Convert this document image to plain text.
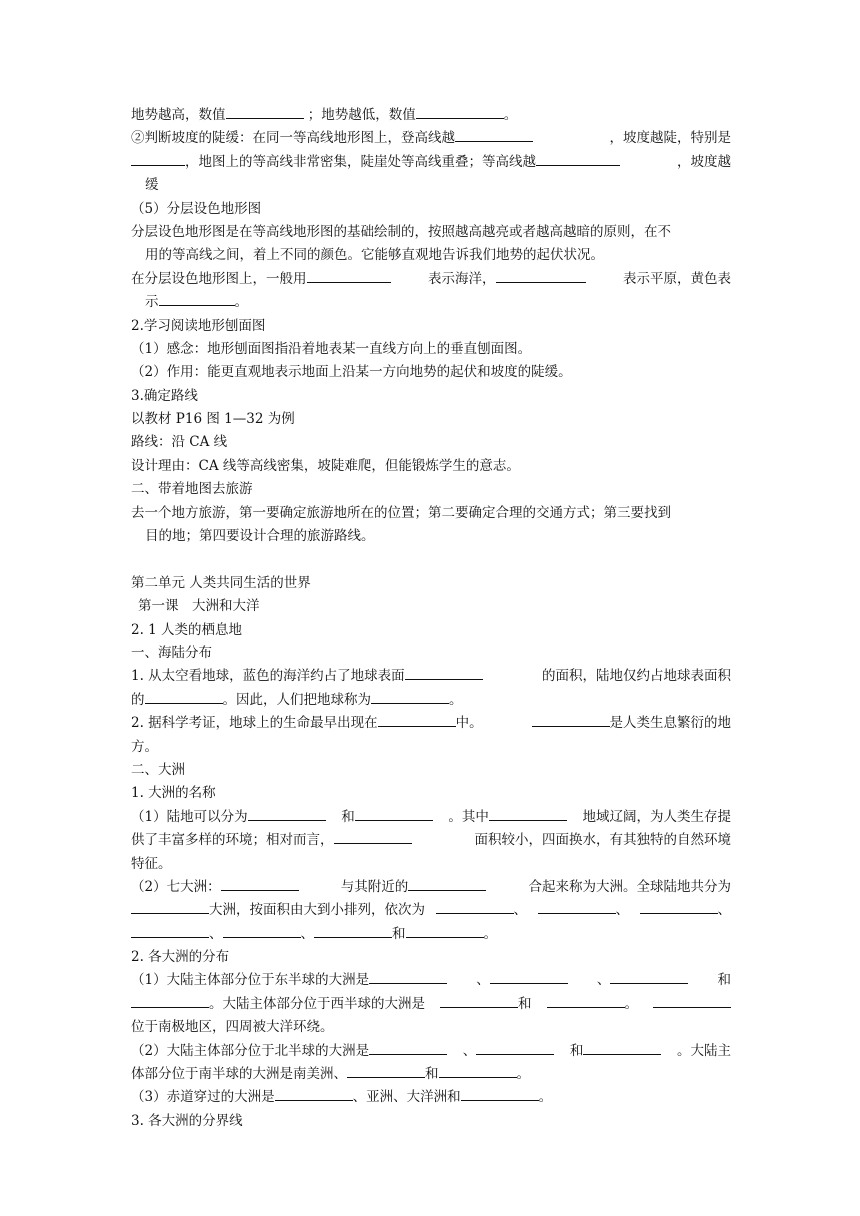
地势越高，数值	；地势越低，数值	。
②判断坡度的陡缓：在同一等高线地形图上，登高线越	，坡度越陡，特别是
，地图上的等高线非常密集，陡崖处等高线重叠；等高线越	，坡度越
缓
（5）分层设色地形图
分层设色地形图是在等高线地形图的基础绘制的，按照越高越亮或者越高越暗的原则，在不
用的等高线之间，着上不同的颜色。它能够直观地告诉我们地势的起伏状况。
在分层设色地形图上，一般用	表示海洋，	表示平原，黄色表
示	。
2.学习阅读地形刨面图
（1）感念：地形刨面图指沿着地表某一直线方向上的垂直刨面图。
（2）作用：能更直观地表示地面上沿某一方向地势的起伏和坡度的陡缓。
3.确定路线
以教材 P16 图 1—32 为例
路线：沿 CA 线
设计理由：CA 线等高线密集，坡陡难爬，但能锻炼学生的意志。
二、带着地图去旅游
去一个地方旅游，第一要确定旅游地所在的位置；第二要确定合理的交通方式；第三要找到
目的地；第四要设计合理的旅游路线。
第二单元 人类共同生活的世界
第一课　大洲和大洋
2. 1 人类的栖息地
一、海陆分布
1. 从太空看地球，蓝色的海洋约占了地球表面	的面积，陆地仅约占地球表面积
的	。因此，人们把地球称为	。
2. 据科学考证，地球上的生命最早出现在	中。	是人类生息繁衍的地
方。
二、大洲
1. 大洲的名称
（1）陆地可以分为	和	。其中	地域辽阔，为人类生存提
供了丰富多样的环境；相对而言，	面积较小，四面换水，有其独特的自然环境
特征。
（2）七大洲：	与其附近的	合起来称为大洲。全球陆地共分为
大洲，按面积由大到小排列，依次为	、	、	、
、	、	和	。
2. 各大洲的分布
（1）大陆主体部分位于东半球的大洲是	、	、	和
。大陆主体部分位于西半球的大洲是	和	。
位于南极地区，四周被大洋环绕。
（2）大陆主体部分位于北半球的大洲是	、	和	。大陆主
体部分位于南半球的大洲是南美洲、	和	。
（3）赤道穿过的大洲是	、亚洲、大洋洲和	。
3. 各大洲的分界线
